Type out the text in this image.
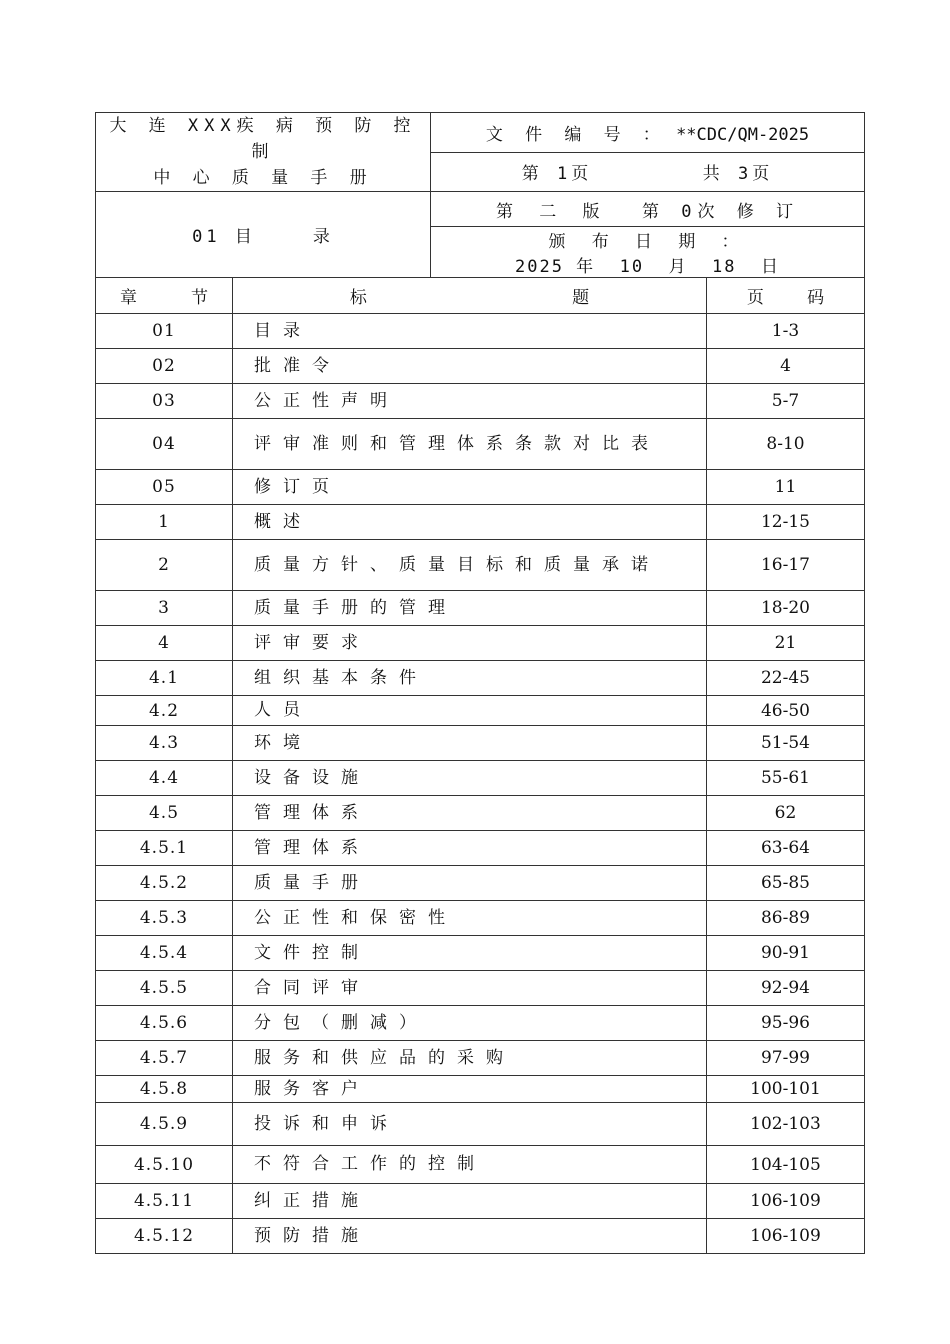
大 连 XXX疾 病 预 防 控 制
中 心 质 量 手 册	文 件 编 号 ： **CDC/QM-2025
	第 1页 共 3页
01 目    录	第 二 版 第 0次 修 订
	颁 布 日 期 ： 2025 年  10  月  18  日
章          节	标                                      题	页        码
01	目录	1-3
02	批准令	4
03	公正性声明	5-7
04	评审准则和管理体系条款对比表	8-10
05	修订页	11
1	概述	12-15
2	质量方针、质量目标和质量承诺	16-17
3	质量手册的管理	18-20
4	评审要求	21
4.1	组织基本条件	22-45
4.2	人员	46-50
4.3	环境	51-54
4.4	设备设施	55-61
4.5	管理体系	62
4.5.1	管理体系	63-64
4.5.2	质量手册	65-85
4.5.3	公正性和保密性	86-89
4.5.4	文件控制	90-91
4.5.5	合同评审	92-94
4.5.6	分包（删减）	95-96
4.5.7	服务和供应品的采购	97-99
4.5.8	服务客户	100-101
4.5.9	投诉和申诉	102-103
4.5.10	不符合工作的控制	104-105
4.5.11	纠正措施	106-109
4.5.12	预防措施	106-109
